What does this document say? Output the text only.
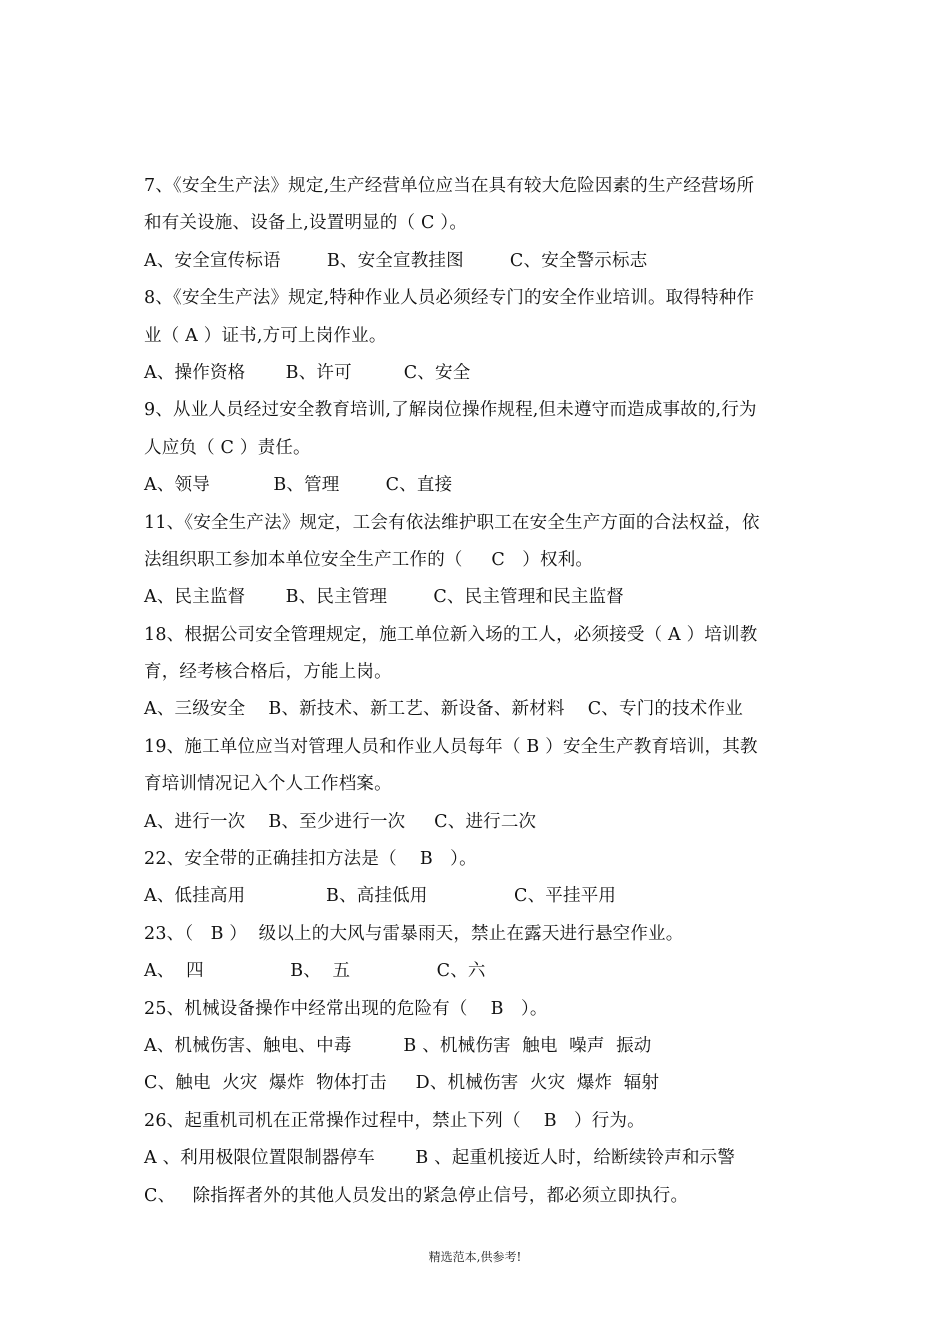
7、《安全生产法》规定,生产经营单位应当在具有较大危险因素的生产经营场所
和有关设施、设备上,设置明显的（ C ）。
A、安全宣传标语        B、安全宣教挂图        C、安全警示标志
8、《安全生产法》规定,特种作业人员必须经专门的安全作业培训。取得特种作
业（ A ）证书,方可上岗作业。
A、操作资格       B、许可         C、安全
9、从业人员经过安全教育培训,了解岗位操作规程,但未遵守而造成事故的,行为
人应负（ C ）责任。
A、领导           B、管理        C、直接
11、《安全生产法》规定，工会有依法维护职工在安全生产方面的合法权益，依
法组织职工参加本单位安全生产工作的（     C   ）权利。
A、民主监督       B、民主管理        C、民主管理和民主监督
18、根据公司安全管理规定，施工单位新入场的工人，必须接受（ A ）培训教
育，经考核合格后，方能上岗。
A、三级安全    B、新技术、新工艺、新设备、新材料    C、专门的技术作业
19、施工单位应当对管理人员和作业人员每年（ B ）安全生产教育培训，其教
育培训情况记入个人工作档案。
A、进行一次    B、至少进行一次     C、进行二次
22、安全带的正确挂扣方法是（    B   ）。
A、低挂高用              B、高挂低用               C、平挂平用
23、（   B ）  级以上的大风与雷暴雨天，禁止在露天进行悬空作业。
A、  四               B、  五               C、六
25、机械设备操作中经常出现的危险有（    B   ）。
A、机械伤害、触电、中毒         B 、机械伤害  触电  噪声  振动
C、触电  火灾  爆炸  物体打击     D、机械伤害  火灾  爆炸  辐射
26、起重机司机在正常操作过程中，禁止下列（    B   ）行为。
A 、利用极限位置限制器停车       B 、起重机接近人时，给断续铃声和示警
C、   除指挥者外的其他人员发出的紧急停止信号，都必须立即执行。
精选范本,供参考!
